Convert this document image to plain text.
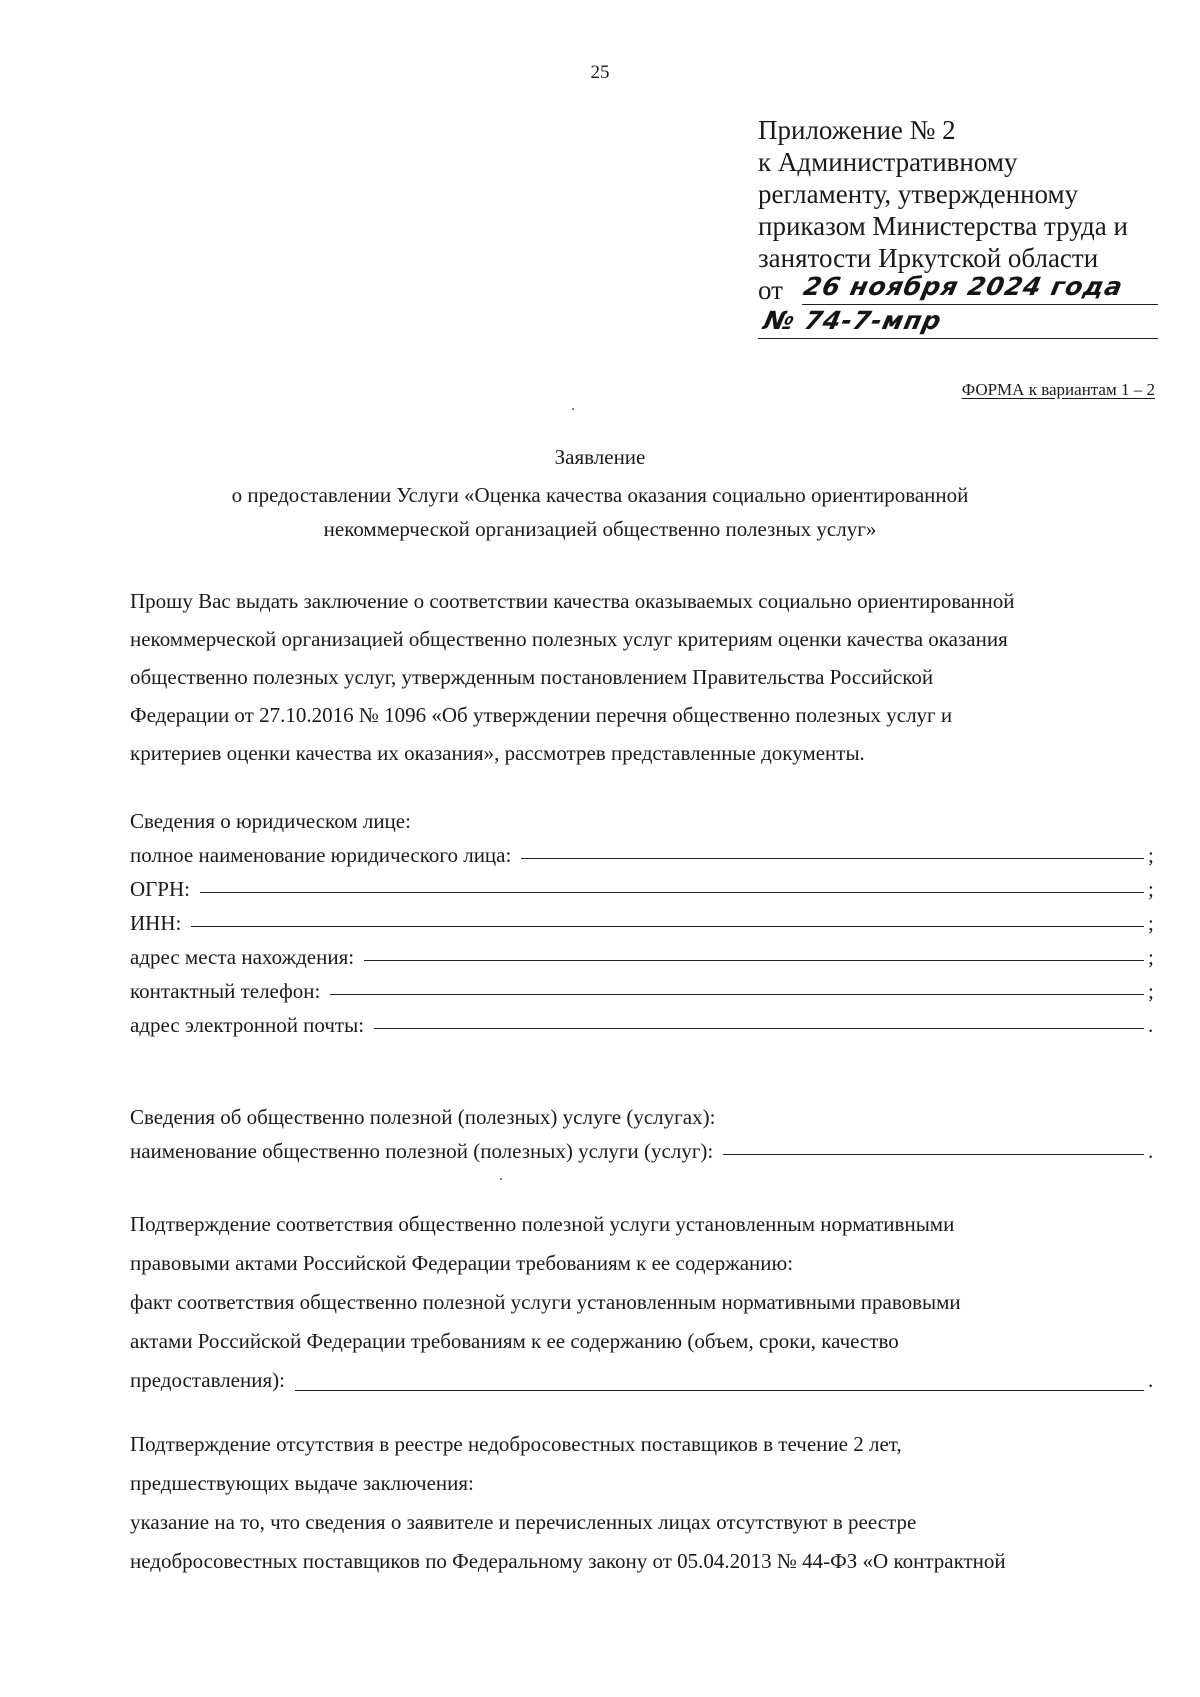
25
Приложение № 2
к Административному
регламенту, утвержденному
приказом Министерства труда и
занятости Иркутской области
от 26 ноября 2024 года
№ 74-7-мпр
ФОРМА к вариантам 1 – 2
Заявление
о предоставлении Услуги «Оценка качества оказания социально ориентированной
некоммерческой организацией общественно полезных услуг»
Прошу Вас выдать заключение о соответствии качества оказываемых социально ориентированной
некоммерческой организацией общественно полезных услуг критериям оценки качества оказания
общественно полезных услуг, утвержденным постановлением Правительства Российской
Федерации от 27.10.2016 № 1096 «Об утверждении перечня общественно полезных услуг и
критериев оценки качества их оказания», рассмотрев представленные документы.
Сведения о юридическом лице:
полное наименование юридического лица:	;
ОГРН:	;
ИНН:	;
адрес места нахождения:	;
контактный телефон:	;
адрес электронной почты:	.
Сведения об общественно полезной (полезных) услуге (услугах):
наименование общественно полезной (полезных) услуги (услуг):	.
Подтверждение соответствия общественно полезной услуги установленным нормативными
правовыми актами Российской Федерации требованиям к ее содержанию:
факт соответствия общественно полезной услуги установленным нормативными правовыми
актами Российской Федерации требованиям к ее содержанию (объем, сроки, качество
предоставления):	.
Подтверждение отсутствия в реестре недобросовестных поставщиков в течение 2 лет,
предшествующих выдаче заключения:
указание на то, что сведения о заявителе и перечисленных лицах отсутствуют в реестре
недобросовестных поставщиков по Федеральному закону от 05.04.2013 № 44-ФЗ «О контрактной
